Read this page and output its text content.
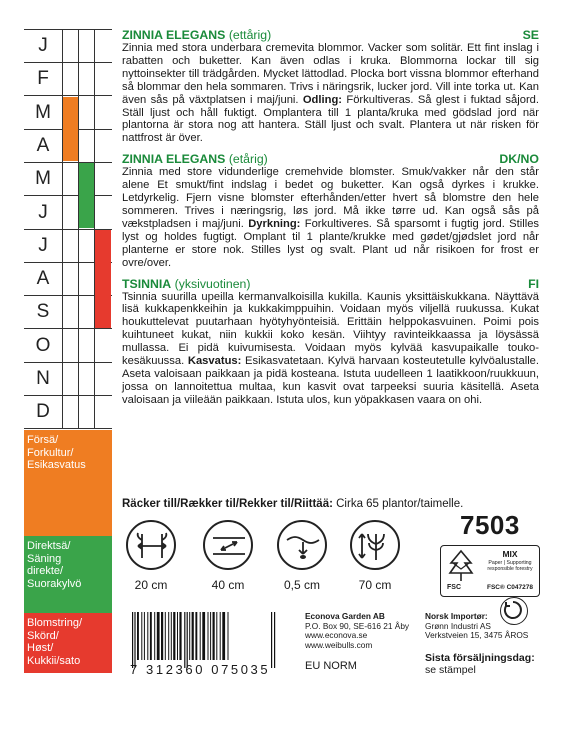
J
F
M
A
M
J
J
A
S
O
N
D
Försä/
Forkultur/
Esikasvatus
Direktsä/
Säning
direkte/
Suorakylvö
Blomstring/
Skörd/
Høst/
Kukkii/sato
ZINNIA ELEGANS (ettårig)	SE

Zinnia med stora underbara cremevita blommor. Vacker som solitär. Ett fint inslag i rabatten och buketter. Kan även odlas i kruka. Blommorna lockar till sig nyttoinsekter till trädgården. Mycket lättodlad. Plocka bort vissna blommor efterhand så blommar den hela sommaren. Trivs i näringsrik, lucker jord. Vill inte torka ut. Kan även sås på växtplatsen i maj/juni. Odling: Förkultiveras. Så glest i fuktad såjord. Ställ ljust och håll fuktigt. Omplantera till 1 planta/kruka med gödslad jord när plantorna är stora nog att hantera. Ställ ljust och svalt. Plantera ut när risken för nattfrost är över.

ZINNIA ELEGANS (etårig)	DK/NO

Zinnia med store vidunderlige cremehvide blomster. Smuk/vakker når den står alene Et smukt/fint indslag i bedet og buketter. Kan også dyrkes i krukke. Letdyrkelig. Fjern visne blomster efterhånden/etter hvert så blomstre den hele sommeren. Trives i næringsrig, løs jord. Må ikke tørre ud. Kan også sås på vækstpladsen i maj/juni. Dyrkning: Forkultiveres. Så sparsomt i fugtig jord. Stilles lyst og holdes fugtigt. Omplant til 1 plante/krukke med gødet/gjødslet jord når planterne er store nok. Stilles lyst og svalt. Plant ud når risikoen for frost er ovre/over.

TSINNIA (yksivuotinen)	FI

Tsinnia suurilla upeilla kermanvalkoisilla kukilla. Kaunis yksittäiskukkana. Näyttävä lisä kukkapenkkeihin ja kukkakimppuihin. Voidaan myös viljellä ruukussa. Kukat houkuttelevat puutarhaan hyötyhyönteisiä. Erittäin helppokasvuinen. Poimi pois kuihtuneet kukat, niin kukkii koko kesän. Viihtyy ravinteikkaassa ja löysässä mullassa. Ei pidä kuivumisesta. Voidaan myös kylvää kasvupaikalle touko-kesäkuussa. Kasvatus: Esikasvatetaan. Kylvä harvaan kosteutetulle kylvöalustalle. Aseta valoisaan paikkaan ja pidä kosteana. Istuta uudelleen 1 laatikkoon/ruukkuun, jossa on lannoitettua multaa, kun kasvit ovat tarpeeksi suuria käsitellä. Aseta valoisaan ja viileään paikkaan. Istuta ulos, kun yöpakkasen vaara on ohi.

Räcker till/Rækker til/Rekker til/Riittää: Cirka 65 plantor/taimelle.
7503
20 cm	40 cm	0,5 cm	70 cm	FSC
MIX
Paper | Supporting
responsible forestry
FSC® C047278
7 312360 075035
Econova Garden AB
P.O. Box 90, SE-616 21 Åby
www.econova.se
www.weibulls.com
EU NORM
Norsk Importør:
Grønn Industri AS
Verkstveien 15, 3475 ÅROS
Sista försäljningsdag:
se stämpel
